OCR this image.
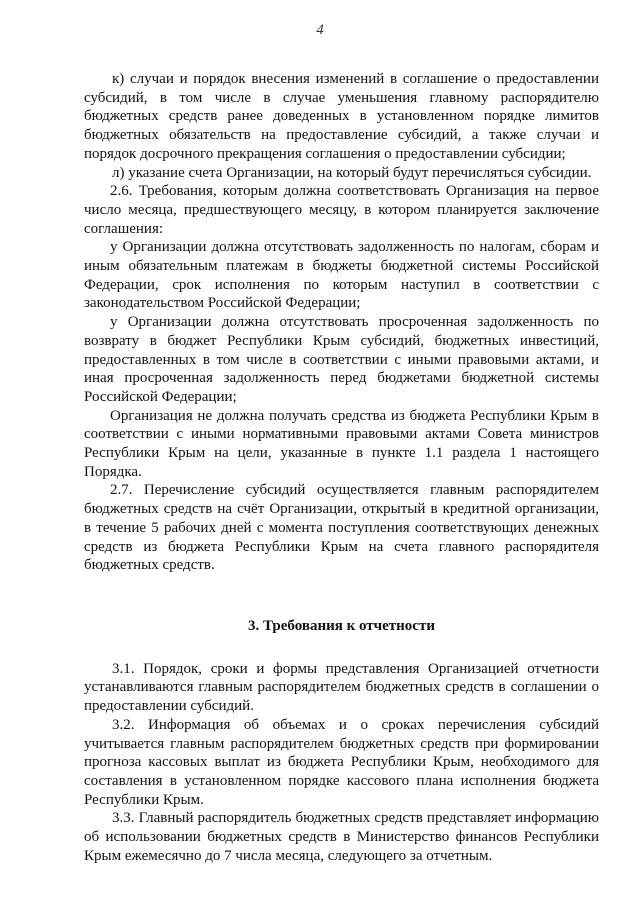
4

к) случаи и порядок внесения изменений в соглашение о предоставлении субсидий, в том числе в случае уменьшения главному распорядителю бюджетных средств ранее доведенных в установленном порядке лимитов бюджетных обязательств на предоставление субсидий, а также случаи и порядок досрочного прекращения соглашения о предоставлении субсидии;

л) указание счета Организации, на который будут перечисляться субсидии.

2.6. Требования, которым должна соответствовать Организация на первое число месяца, предшествующего месяцу, в котором планируется заключение соглашения:

у Организации должна отсутствовать задолженность по налогам, сборам и иным обязательным платежам в бюджеты бюджетной системы Российской Федерации, срок исполнения по которым наступил в соответствии с законодательством Российской Федерации;

у Организации должна отсутствовать просроченная задолженность по возврату в бюджет Республики Крым субсидий, бюджетных инвестиций, предоставленных в том числе в соответствии с иными правовыми актами, и иная просроченная задолженность перед бюджетами бюджетной системы Российской Федерации;

Организация не должна получать средства из бюджета Республики Крым в соответствии с иными нормативными правовыми актами Совета министров Республики Крым на цели, указанные в пункте 1.1 раздела 1 настоящего Порядка.

2.7. Перечисление субсидий осуществляется главным распорядителем бюджетных средств на счёт Организации, открытый в кредитной организации, в течение 5 рабочих дней с момента поступления соответствующих денежных средств из бюджета Республики Крым на счета главного распорядителя бюджетных средств.

3. Требования к отчетности

3.1. Порядок, сроки и формы представления Организацией отчетности устанавливаются главным распорядителем бюджетных средств в соглашении о предоставлении субсидий.

3.2. Информация об объемах и о сроках перечисления субсидий учитывается главным распорядителем бюджетных средств при формировании прогноза кассовых выплат из бюджета Республики Крым, необходимого для составления в установленном порядке кассового плана исполнения бюджета Республики Крым.

3.3. Главный распорядитель бюджетных средств представляет информацию об использовании бюджетных средств в Министерство финансов Республики Крым ежемесячно до 7 числа месяца, следующего за отчетным.
